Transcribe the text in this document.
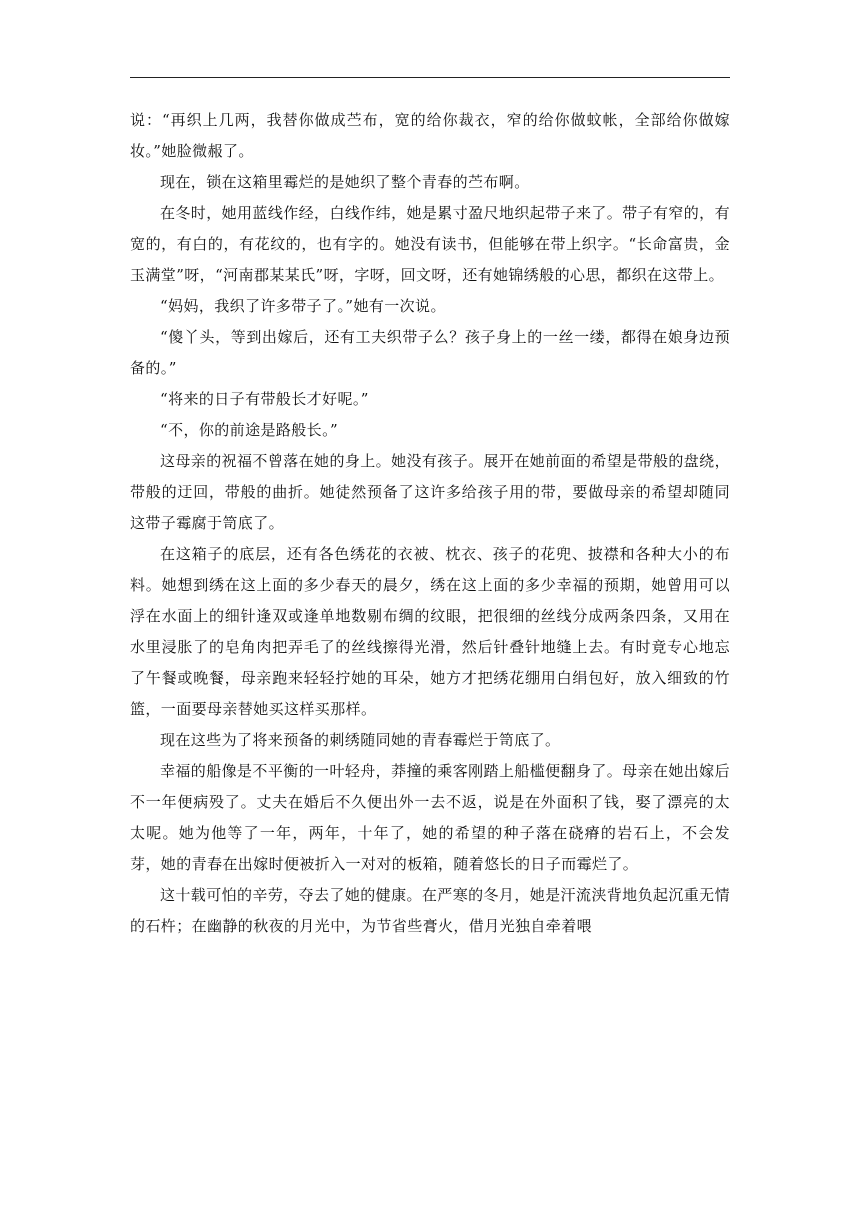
说：“再织上几两，我替你做成苎布，宽的给你裁衣，窄的给你做蚊帐，全部给你做嫁妆。”她脸微赧了。

现在，锁在这箱里霉烂的是她织了整个青春的苎布啊。

在冬时，她用蓝线作经，白线作纬，她是累寸盈尺地织起带子来了。带子有窄的，有宽的，有白的，有花纹的，也有字的。她没有读书，但能够在带上织字。“长命富贵，金玉满堂”呀，“河南郡某某氏”呀，字呀，回文呀，还有她锦绣般的心思，都织在这带上。

“妈妈，我织了许多带子了。”她有一次说。

“傻丫头，等到出嫁后，还有工夫织带子么？孩子身上的一丝一缕，都得在娘身边预备的。”

“将来的日子有带般长才好呢。”

“不，你的前途是路般长。”

这母亲的祝福不曾落在她的身上。她没有孩子。展开在她前面的希望是带般的盘绕，带般的迂回，带般的曲折。她徒然预备了这许多给孩子用的带，要做母亲的希望却随同这带子霉腐于笥底了。

在这箱子的底层，还有各色绣花的衣被、枕衣、孩子的花兜、披襟和各种大小的布料。她想到绣在这上面的多少春天的晨夕，绣在这上面的多少幸福的预期，她曾用可以浮在水面上的细针逢双或逢单地数剔布绸的纹眼，把很细的丝线分成两条四条，又用在水里浸胀了的皂角肉把弄毛了的丝线擦得光滑，然后针叠针地缝上去。有时竟专心地忘了午餐或晚餐，母亲跑来轻轻拧她的耳朵，她方才把绣花绷用白绢包好，放入细致的竹篮，一面要母亲替她买这样买那样。

现在这些为了将来预备的刺绣随同她的青春霉烂于笥底了。

幸福的船像是不平衡的一叶轻舟，莽撞的乘客刚踏上船槛便翻身了。母亲在她出嫁后不一年便病殁了。丈夫在婚后不久便出外一去不返，说是在外面积了钱，娶了漂亮的太太呢。她为他等了一年，两年，十年了，她的希望的种子落在硗瘠的岩石上，不会发芽，她的青春在出嫁时便被折入一对对的板箱，随着悠长的日子而霉烂了。

这十载可怕的辛劳，夺去了她的健康。在严寒的冬月，她是汗流浃背地负起沉重无情的石杵；在幽静的秋夜的月光中，为节省些膏火，借月光独自牵着喂
